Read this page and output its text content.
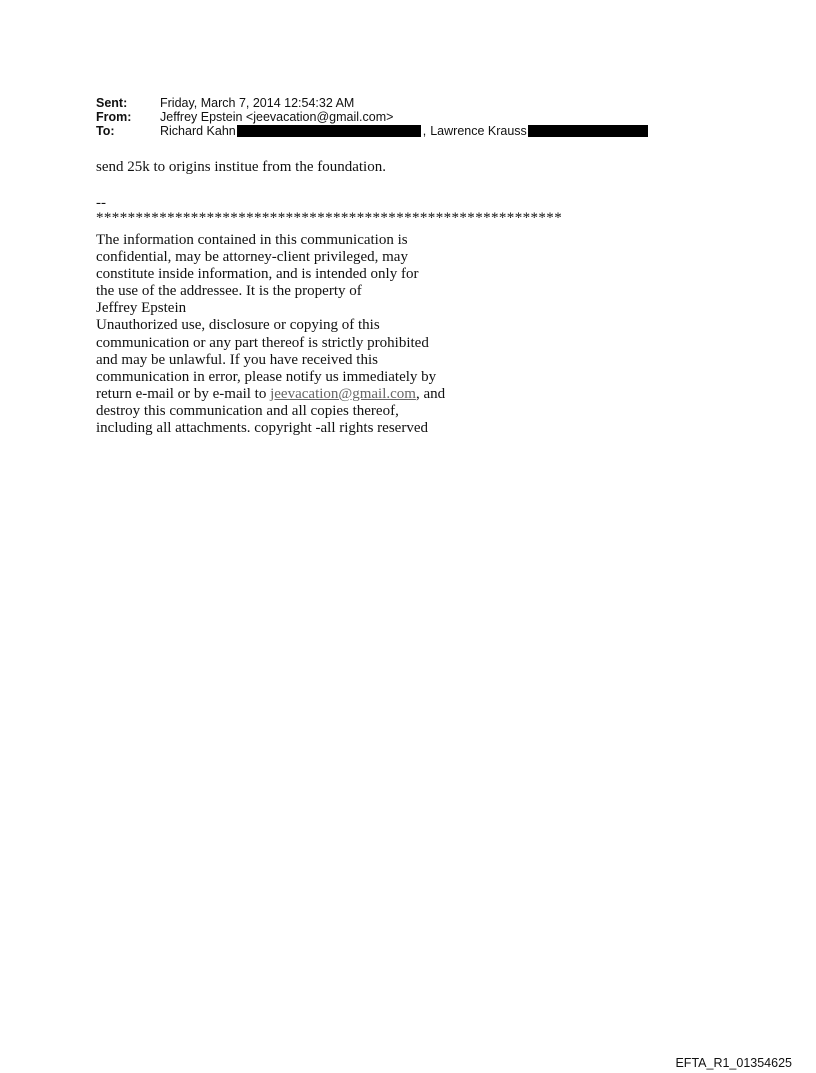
Sent:	Friday, March 7, 2014 12:54:32 AM
From:	Jeffrey Epstein <jeevacation@gmail.com>
To:	Richard Kahn	, Lawrence Krauss
send 25k to origins institue from the foundation.
--
***********************************************************
The information contained in this communication is
confidential, may be attorney-client privileged, may
constitute inside information, and is intended only for
the use of the addressee. It is the property of
Jeffrey Epstein
Unauthorized use, disclosure or copying of this
communication or any part thereof is strictly prohibited
and may be unlawful. If you have received this
communication in error, please notify us immediately by
return e-mail or by e-mail to jeevacation@gmail.com, and
destroy this communication and all copies thereof,
including all attachments. copyright -all rights reserved
EFTA_R1_01354625
